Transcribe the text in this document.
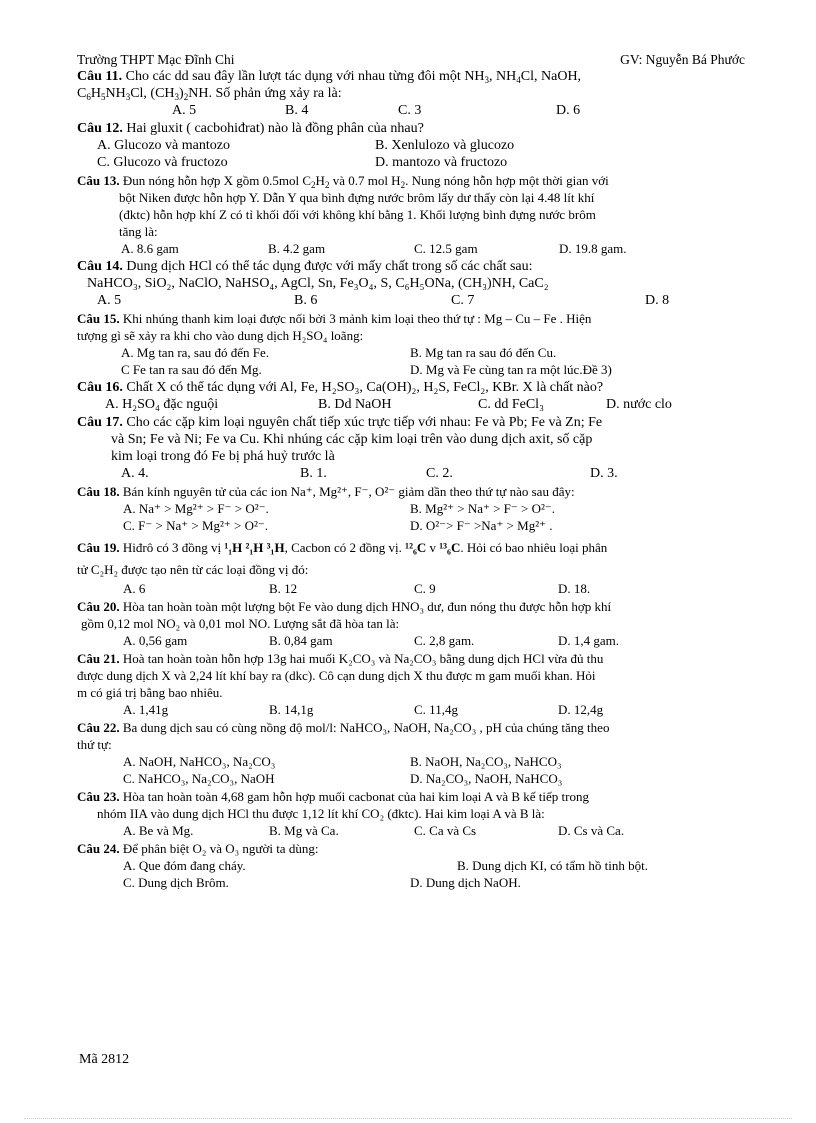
Trường THPT Mạc Đĩnh Chi	GV: Nguyễn Bá Phước
Câu 11. Cho các dd sau đây lần lượt tác dụng với nhau từng đôi một $NH_3$, $NH_4Cl$, NaOH,
$C_6H_5NH_3Cl$, $(CH_3)_2NH$. Số phản ứng xảy ra là:
A. 5	B. 4	C. 3	D. 6
Câu 12. Hai gluxit ( cacbohiđrat) nào là đồng phân của nhau?
A. Glucozo và mantozo	B. Xenlulozo và glucozo
C. Glucozo và fructozo	D. mantozo và fructozo
Câu 13. Đun nóng hỗn hợp X gồm 0.5mol $C_2H_2$ và 0.7 mol $H_2$. Nung nóng hỗn hợp một thời gian với
bột Niken được hỗn hợp Y. Dẫn Y qua bình đựng nước brôm lấy dư thấy còn lại 4.48 lít khí
(đktc) hỗn hợp khí Z có tỉ khối đối với không khí bằng 1. Khối lượng bình đựng nước brôm
tăng là:
A. 8.6 gam	B. 4.2 gam	C. 12.5 gam	D. 19.8 gam.
Câu 14. Dung dịch HCl có thể tác dụng được với mấy chất trong số các chất sau:
NaHCO₃, SiO₂, NaClO, NaHSO₄, AgCl, Sn, Fe₃O₄, S, C₆H₅ONa, (CH₃)NH, CaC₂
A. 5	B. 6	C. 7	D. 8
Câu 15. Khi nhúng thanh kim loại được nối bởi 3 mảnh kim loại theo thứ tự : Mg – Cu – Fe . Hiện
tượng gì sẽ xảy ra khi cho vào dung dịch H₂SO₄ loãng:
A. Mg tan ra, sau đó đến Fe.	B. Mg tan ra sau đó đến Cu.
C Fe tan ra sau đó đến Mg.	D. Mg và Fe cùng tan ra một lúc.Đề 3)
Câu 16. Chất X có thể tác dụng với Al, Fe, H₂SO₃, Ca(OH)₂, H₂S, FeCl₂, KBr. X là chất nào?
A. H₂SO₄ đặc nguội	B. Dd NaOH	C. dd FeCl₃	D. nước clo
Câu 17. Cho các cặp kim loại nguyên chất tiếp xúc trực tiếp với nhau: Fe và Pb; Fe và Zn; Fe
và Sn; Fe và Ni; Fe va Cu. Khi nhúng các cặp kim loại trên vào dung dịch axit, số cặp
kim loại trong đó Fe bị phá huỷ trước là
A. 4.	B. 1.	C. 2.	D. 3.
Câu 18. Bán kính nguyên tử của các ion Na⁺, Mg²⁺, F⁻, O²⁻ giảm dần theo thứ tự nào sau đây:
A. Na⁺ > Mg²⁺ > F⁻ > O²⁻.	B. Mg²⁺ > Na⁺ > F⁻ > O²⁻.
C. F⁻ > Na⁺ > Mg²⁺ > O²⁻.	D. O²⁻> F⁻ >Na⁺ > Mg²⁺ .
Câu 19. Hiđrô có 3 đồng vị ¹₁H ²₁H ³₁H, Cacbon có 2 đồng vị. ¹²₆C v ¹³₆C. Hỏi có bao nhiêu loại phân
tử C₂H₂ được tạo nên từ các loại đồng vị đó:
A. 6	B. 12	C. 9	D. 18.
Câu 20. Hòa tan hoàn toàn một lượng bột Fe vào dung dịch HNO₃ dư, đun nóng thu được hỗn hợp khí
gồm 0,12 mol NO₂ và 0,01 mol NO. Lượng sắt đã hòa tan là:
A. 0,56 gam	B. 0,84 gam	C. 2,8 gam.	D. 1,4 gam.
Câu 21. Hoà tan hoàn toàn hỗn hợp 13g hai muối K₂CO₃ và Na₂CO₃ bằng dung dịch HCl vừa đủ thu
được dung dịch X và 2,24 lít khí bay ra (dkc). Cô cạn dung dịch X thu được m gam muối khan. Hỏi
m có giá trị bằng bao nhiêu.
A. 1,41g	B. 14,1g	C. 11,4g	D. 12,4g
Câu 22. Ba dung dịch sau có cùng nồng độ mol/l: NaHCO₃, NaOH, Na₂CO₃ , pH của chúng tăng theo
thứ tự:
A. NaOH, NaHCO₃, Na₂CO₃	B. NaOH, Na₂CO₃, NaHCO₃
C. NaHCO₃, Na₂CO₃, NaOH	D. Na₂CO₃, NaOH, NaHCO₃
Câu 23. Hòa tan hoàn toàn 4,68 gam hỗn hợp muối cacbonat của hai kim loại A và B kế tiếp trong
nhóm IIA vào dung dịch HCl thu được 1,12 lít khí CO₂ (đktc). Hai kim loại A và B là:
A. Be và Mg.	B. Mg và Ca.	C. Ca và Cs	D. Cs và Ca.
Câu 24. Để phân biệt O₂ và O₃ người ta dùng:
A. Que đóm đang cháy.	B. Dung dịch KI, có tẩm hồ tinh bột.
C. Dung dịch Brôm.	D. Dung dịch NaOH.
Mã 2812
